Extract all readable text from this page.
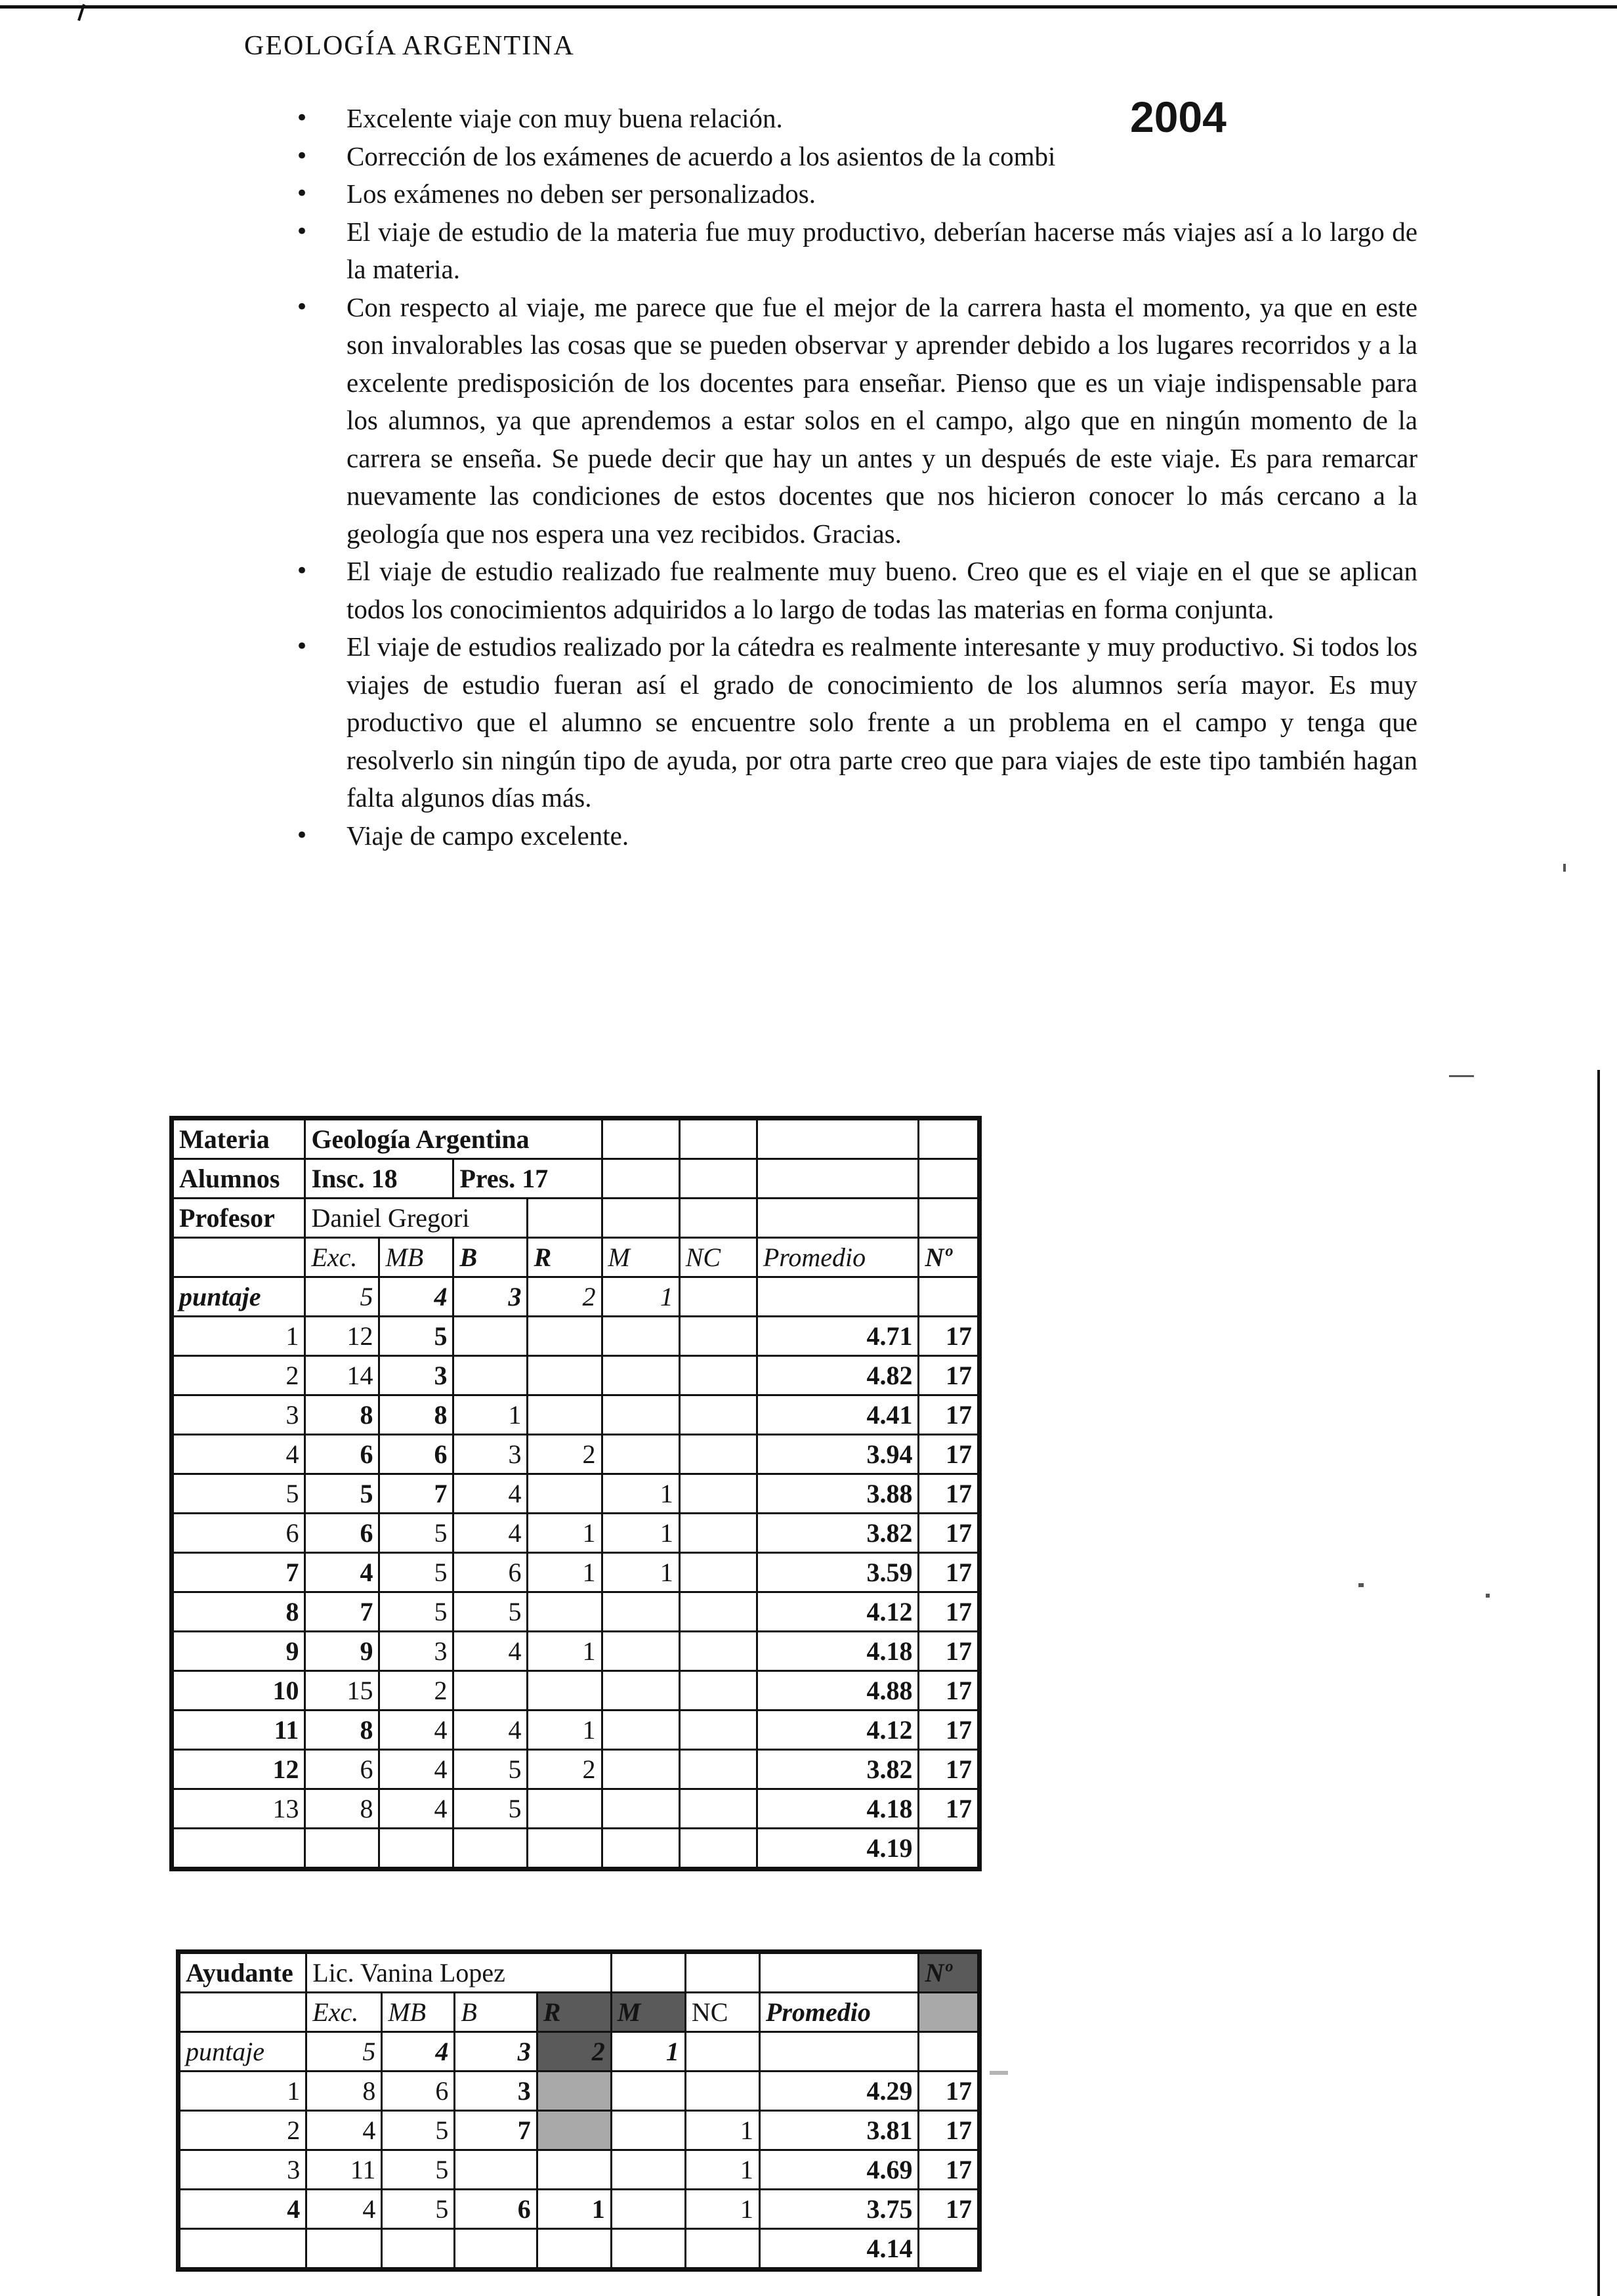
GEOLOGÍA ARGENTINA
2004
• Excelente viaje con muy buena relación.
• Corrección de los exámenes de acuerdo a los asientos de la combi
• Los exámenes no deben ser personalizados.
• El viaje de estudio de la materia fue muy productivo, deberían hacerse más viajes así a lo largo de la materia.
• Con respecto al viaje, me parece que fue el mejor de la carrera hasta el momento, ya que en este son invalorables las cosas que se pueden observar y aprender debido a los lugares recorridos y a la excelente predisposición de los docentes para enseñar. Pienso que es un viaje indispensable para los alumnos, ya que aprendemos a estar solos en el campo, algo que en ningún momento de la carrera se enseña. Se puede decir que hay un antes y un después de este viaje. Es para remarcar nuevamente las condiciones de estos docentes que nos hicieron conocer lo más cercano a la geología que nos espera una vez recibidos. Gracias.
• El viaje de estudio realizado fue realmente muy bueno. Creo que es el viaje en el que se aplican todos los conocimientos adquiridos a lo largo de todas las materias en forma conjunta.
• El viaje de estudios realizado por la cátedra es realmente interesante y muy productivo. Si todos los viajes de estudio fueran así el grado de conocimiento de los alumnos sería mayor. Es muy productivo que el alumno se encuentre solo frente a un problema en el campo y tenga que resolverlo sin ningún tipo de ayuda, por otra parte creo que para viajes de este tipo también hagan falta algunos días más.
• Viaje de campo excelente.
Materia	Geología Argentina							
Alumnos	Insc. 18		Pres. 17					
Profesor	Daniel Gregori							
	Exc.	MB	B	R	M	NC	Promedio	Nº
puntaje	5	4	3	2	1			
1	12	5					4.71	17
2	14	3					4.82	17
3	8	8	1				4.41	17
4	6	6	3	2			3.94	17
5	5	7	4		1		3.88	17
6	6	5	4	1	1		3.82	17
7	4	5	6	1	1		3.59	17
8	7	5	5				4.12	17
9	9	3	4	1			4.18	17
10	15	2					4.88	17
11	8	4	4	1			4.12	17
12	6	4	5	2			3.82	17
13	8	4	5				4.18	17
							4.19	
Ayudante	Lic. Vanina Lopez							Nº
	Exc.	MB	B	R	M	NC	Promedio	
puntaje	5	4	3	2	1			
1	8	6	3				4.29	17
2	4	5	7			1	3.81	17
3	11	5				1	4.69	17
4	4	5	6	1		1	3.75	17
							4.14	
